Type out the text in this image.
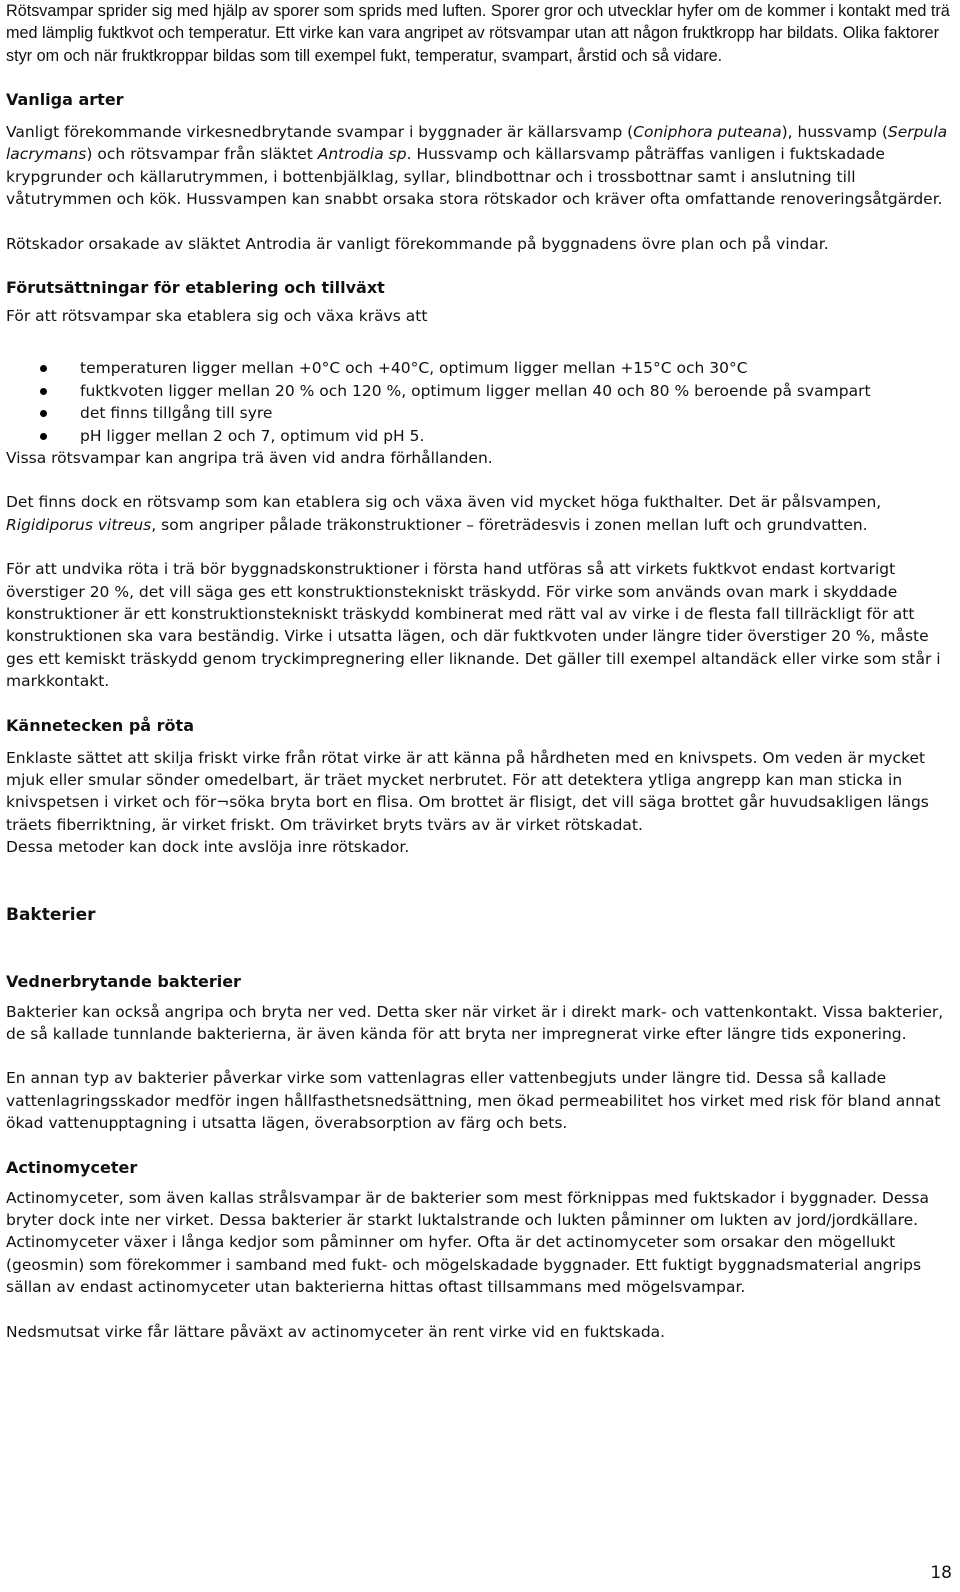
Rötsvampar sprider sig med hjälp av sporer som sprids med luften. Sporer gror och utvecklar hyfer om de kommer i kontakt med trä med lämplig fuktkvot och temperatur. Ett virke kan vara angripet av rötsvampar utan att någon fruktkropp har bildats. Olika faktorer styr om och när fruktkroppar bildas som till exempel fukt, temperatur, svampart, årstid och så vidare.

Vanliga arter

Vanligt förekommande virkesnedbrytande svampar i byggnader är källarsvamp (Coniphora puteana), hussvamp (Serpula lacrymans) och rötsvampar från släktet Antrodia sp. Hussvamp och källarsvamp påträffas vanligen i fuktskadade krypgrunder och källarutrymmen, i bottenbjälklag, syllar, blindbottnar och i trossbottnar samt i anslutning till våtutrymmen och kök. Hussvampen kan snabbt orsaka stora rötskador och kräver ofta omfattande renoveringsåtgärder.

Rötskador orsakade av släktet Antrodia är vanligt förekommande på byggnadens övre plan och på vindar.

Förutsättningar för etablering och tillväxt

För att rötsvampar ska etablera sig och växa krävs att

temperaturen ligger mellan +0°C och +40°C, optimum ligger mellan +15°C och 30°C
fuktkvoten ligger mellan 20 % och 120 %, optimum ligger mellan 40 och 80 % beroende på svampart
det finns tillgång till syre
pH ligger mellan 2 och 7, optimum vid pH 5.

Vissa rötsvampar kan angripa trä även vid andra förhållanden.

Det finns dock en rötsvamp som kan etablera sig och växa även vid mycket höga fukthalter. Det är pålsvampen, Rigidiporus vitreus, som angriper pålade träkonstruktioner – företrädesvis i zonen mellan luft och grundvatten.

För att undvika röta i trä bör byggnadskonstruktioner i första hand utföras så att virkets fuktkvot endast kortvarigt överstiger 20 %, det vill säga ges ett konstruktionstekniskt träskydd. För virke som används ovan mark i skyddade konstruktioner är ett konstruktionstekniskt träskydd kombinerat med rätt val av virke i de flesta fall tillräckligt för att konstruktionen ska vara beständig. Virke i utsatta lägen, och där fuktkvoten under längre tider överstiger 20 %, måste ges ett kemiskt träskydd genom tryckimpregnering eller liknande. Det gäller till exempel altandäck eller virke som står i markkontakt.

Kännetecken på röta

Enklaste sättet att skilja friskt virke från rötat virke är att känna på hårdheten med en knivspets. Om veden är mycket mjuk eller smular sönder omedelbart, är träet mycket nerbrutet. För att detektera ytliga angrepp kan man sticka in knivspetsen i virket och för¬söka bryta bort en flisa. Om brottet är flisigt, det vill säga brottet går huvudsakligen längs träets fiberriktning, är virket friskt. Om trävirket bryts tvärs av är virket rötskadat.

Dessa metoder kan dock inte avslöja inre rötskador.

Bakterier
Vednerbrytande bakterier

Bakterier kan också angripa och bryta ner ved. Detta sker när virket är i direkt mark- och vattenkontakt. Vissa bakterier, de så kallade tunnlande bakterierna, är även kända för att bryta ner impregnerat virke efter längre tids exponering.

En annan typ av bakterier påverkar virke som vattenlagras eller vattenbegjuts under längre tid. Dessa så kallade vattenlagringsskador medför ingen hållfasthetsnedsättning, men ökad permeabilitet hos virket med risk för bland annat ökad vattenupptagning i utsatta lägen, överabsorption av färg och bets.

Actinomyceter

Actinomyceter, som även kallas strålsvampar är de bakterier som mest förknippas med fuktskador i byggnader. Dessa bryter dock inte ner virket. Dessa bakterier är starkt luktalstrande och lukten påminner om lukten av jord/jordkällare. Actinomyceter växer i långa kedjor som påminner om hyfer. Ofta är det actinomyceter som orsakar den mögellukt (geosmin) som förekommer i samband med fukt- och mögelskadade byggnader. Ett fuktigt byggnadsmaterial angrips sällan av endast actinomyceter utan bakterierna hittas oftast tillsammans med mögelsvampar.

Nedsmutsat virke får lättare påväxt av actinomyceter än rent virke vid en fuktskada.

18
